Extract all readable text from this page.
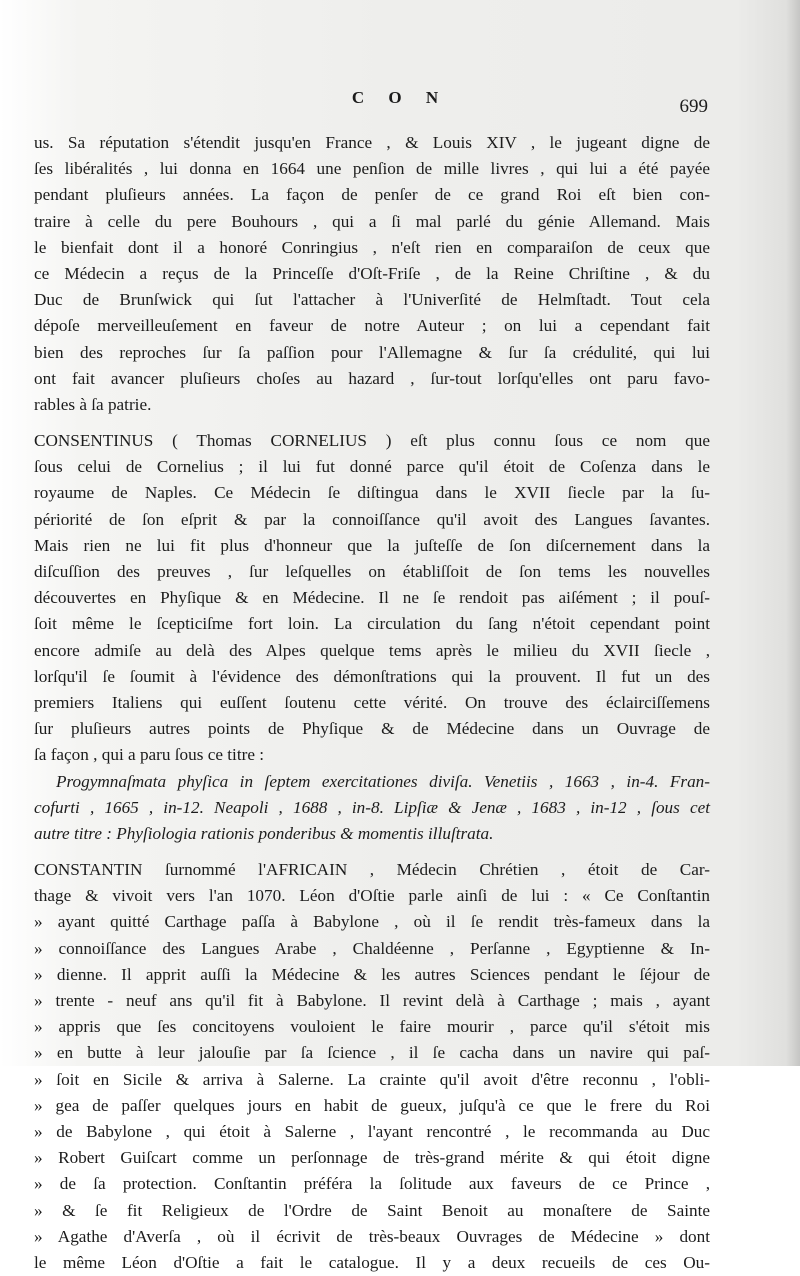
C O N	699

us. Sa réputation s'étendit jusqu'en France , & Louis XIV , le jugeant digne de
ſes libéralités , lui donna en 1664 une penſion de mille livres , qui lui a été payée
pendant pluſieurs années. La façon de penſer de ce grand Roi eſt bien con-
traire à celle du pere Bouhours , qui a ſi mal parlé du génie Allemand. Mais
le bienfait dont il a honoré Conringius , n'eſt rien en comparaiſon de ceux que
ce Médecin a reçus de la Princeſſe d'Oſt-Friſe , de la Reine Chriſtine , & du
Duc de Brunſwick qui ſut l'attacher à l'Univerſité de Helmſtadt. Tout cela
dépoſe merveilleuſement en faveur de notre Auteur ; on lui a cependant fait
bien des reproches ſur ſa paſſion pour l'Allemagne & ſur ſa crédulité, qui lui
ont fait avancer pluſieurs choſes au hazard , ſur-tout lorſqu'elles ont paru favo-
rables à ſa patrie.

CONSENTINUS ( Thomas CORNELIUS ) eſt plus connu ſous ce nom que
ſous celui de Cornelius ; il lui fut donné parce qu'il étoit de Coſenza dans le
royaume de Naples. Ce Médecin ſe diſtingua dans le XVII ſiecle par la ſu-
périorité de ſon eſprit & par la connoiſſance qu'il avoit des Langues ſavantes.
Mais rien ne lui fit plus d'honneur que la juſteſſe de ſon diſcernement dans la
diſcuſſion des preuves , ſur leſquelles on établiſſoit de ſon tems les nouvelles
découvertes en Phyſique & en Médecine. Il ne ſe rendoit pas aiſément ; il pouſ-
ſoit même le ſcepticiſme fort loin. La circulation du ſang n'étoit cependant point
encore admiſe au delà des Alpes quelque tems après le milieu du XVII ſiecle ,
lorſqu'il ſe ſoumit à l'évidence des démonſtrations qui la prouvent. Il fut un des
premiers Italiens qui euſſent ſoutenu cette vérité. On trouve des éclairciſſemens
ſur pluſieurs autres points de Phyſique & de Médecine dans un Ouvrage de
ſa façon , qui a paru ſous ce titre :

Progymnaſmata phyſica in ſeptem exercitationes diviſa. Venetiis , 1663 , in-4. Fran-
cofurti , 1665 , in-12. Neapoli , 1688 , in-8. Lipſiæ & Jenæ , 1683 , in-12 , ſous cet
autre titre : Phyſiologia rationis ponderibus & momentis illuſtrata.

CONSTANTIN ſurnommé l'AFRICAIN , Médecin Chrétien , étoit de Car-
thage & vivoit vers l'an 1070. Léon d'Oſtie parle ainſi de lui : « Ce Conſtantin
» ayant quitté Carthage paſſa à Babylone , où il ſe rendit très-fameux dans la
» connoiſſance des Langues Arabe , Chaldéenne , Perſanne , Egyptienne & In-
» dienne. Il apprit auſſi la Médecine & les autres Sciences pendant le ſéjour de
» trente - neuf ans qu'il fit à Babylone. Il revint delà à Carthage ; mais , ayant
» appris que ſes concitoyens vouloient le faire mourir , parce qu'il s'étoit mis
» en butte à leur jalouſie par ſa ſcience , il ſe cacha dans un navire qui paſ-
» ſoit en Sicile & arriva à Salerne. La crainte qu'il avoit d'être reconnu , l'obli-
» gea de paſſer quelques jours en habit de gueux, juſqu'à ce que le frere du Roi
» de Babylone , qui étoit à Salerne , l'ayant rencontré , le recommanda au Duc
» Robert Guiſcart comme un perſonnage de très-grand mérite & qui étoit digne
» de ſa protection. Conſtantin préféra la ſolitude aux faveurs de ce Prince ,
» & ſe fit Religieux de l'Ordre de Saint Benoit au monaſtere de Sainte
» Agathe d'Averſa , où il écrivit de très-beaux Ouvrages de Médecine » dont
le même Léon d'Oſtie a fait le catalogue. Il y a deux recueils de ces Ou-
